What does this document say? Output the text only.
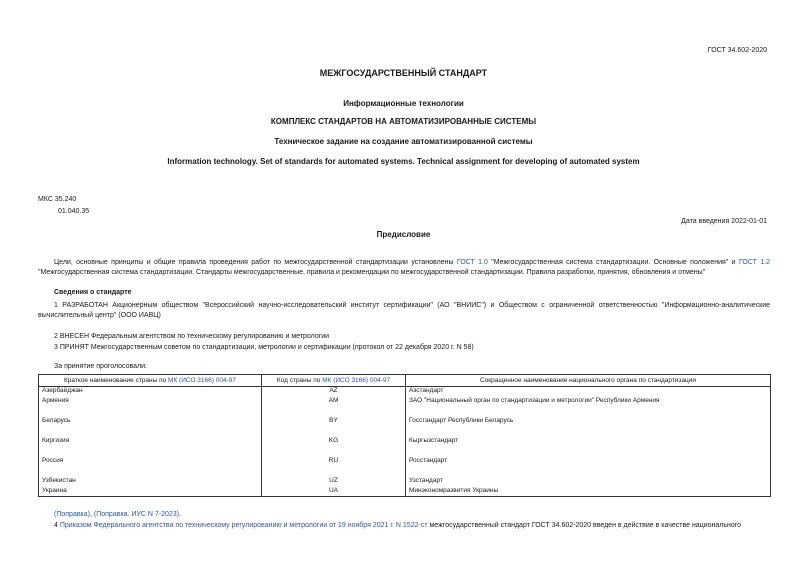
ГОСТ 34.602-2020
МЕЖГОСУДАРСТВЕННЫЙ СТАНДАРТ
Информационные технологии
КОМПЛЕКС СТАНДАРТОВ НА АВТОМАТИЗИРОВАННЫЕ СИСТЕМЫ
Техническое задание на создание автоматизированной системы
Information technology. Set of standards for automated systems. Technical assignment for developing of automated system
МКС 35.240
01.040.35
Дата введения 2022-01-01
Предисловие
Цели, основные принципы и общие правила проведения работ по межгосударственной стандартизации установлены ГОСТ 1.0 "Межгосударственная система стандартизации. Основные положения" и ГОСТ 1.2 "Межгосударственная система стандартизации. Стандарты межгосударственные, правила и рекомендации по межгосударственной стандартизации. Правила разработки, принятия, обновления и отмены"
Сведения о стандарте
1 РАЗРАБОТАН Акционерным обществом "Всероссийский научно-исследовательский институт сертификации" (АО "ВНИИС") и Обществом с ограниченной ответственностью "Информационно-аналитические вычислительный центр" (ООО ИАВЦ)
2 ВНЕСЕН Федеральным агентством по техническому регулированию и метрологии
3 ПРИНЯТ Межгосударственным советом по стандартизации, метрологии и сертификации (протокол от 22 декабря 2020 г. N 58)
За принятие проголосовали:
Краткое наименование страны по МК (ИСО 3166) 004-97	Код страны по МК (ИСО 3166) 004-97	Сокращенное наименование национального органа по стандартизации
Азербайджан	AZ	Азстандарт
Армения	AM	ЗАО "Национальный орган по стандартизации и метрологии" Республики Армения
Беларусь	BY	Госстандарт Республики Беларусь
Киргизия	KG	Кыргызстандарт
Россия	RU	Росстандарт
Узбекистан	UZ	Узстандарт
Украина	UA	Минэкономразвития Украины
(Поправка), (Поправка. ИУС N 7-2023).
4 Приказом Федерального агентства по техническому регулированию и метрологии от 19 ноября 2021 г. N 1522-ст межгосударственный стандарт ГОСТ 34.602-2020 введен в действие в качестве национального
